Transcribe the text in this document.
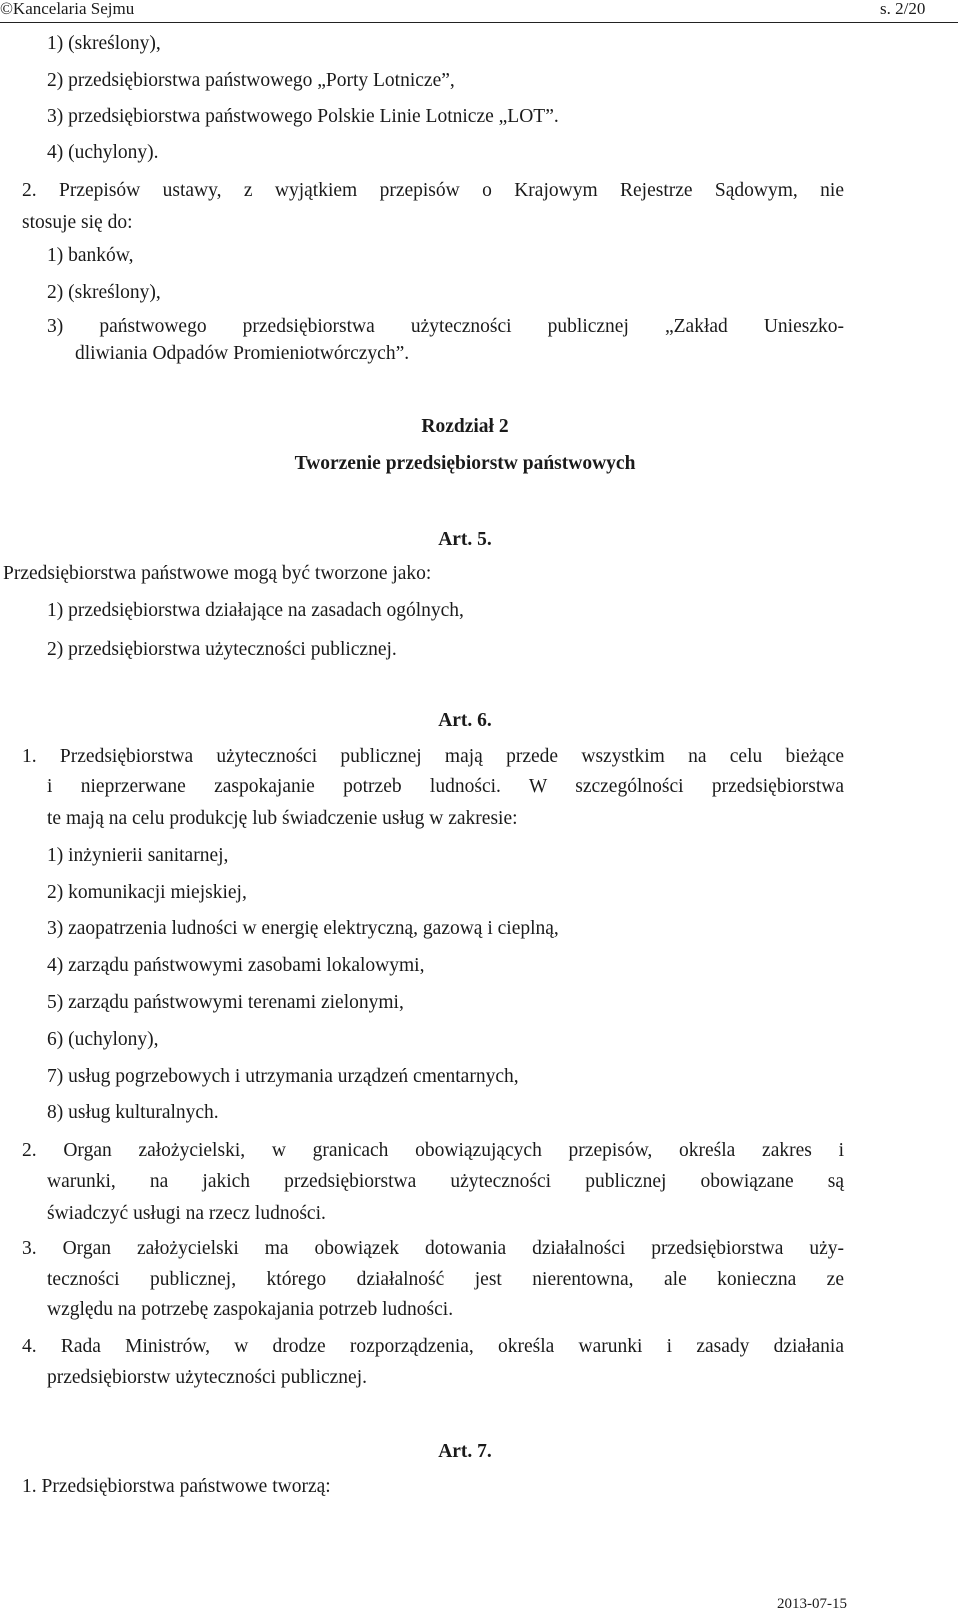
©Kancelaria Sejmu	s. 2/20
1) (skreślony),
2) przedsiębiorstwa państwowego „Porty Lotnicze”,
3) przedsiębiorstwa państwowego Polskie Linie Lotnicze „LOT”.
4) (uchylony).
2. Przepisów ustawy, z wyjątkiem przepisów o Krajowym Rejestrze Sądowym, nie
stosuje się do:
1) banków,
2) (skreślony),
3) państwowego przedsiębiorstwa użyteczności publicznej „Zakład Unieszko-
dliwiania Odpadów Promieniotwórczych”.
Rozdział 2
Tworzenie przedsiębiorstw państwowych
Art. 5.
Przedsiębiorstwa państwowe mogą być tworzone jako:
1) przedsiębiorstwa działające na zasadach ogólnych,
2) przedsiębiorstwa użyteczności publicznej.
Art. 6.
1. Przedsiębiorstwa użyteczności publicznej mają przede wszystkim na celu bieżące
i nieprzerwane zaspokajanie potrzeb ludności. W szczególności przedsiębiorstwa
te mają na celu produkcję lub świadczenie usług w zakresie:
1) inżynierii sanitarnej,
2) komunikacji miejskiej,
3) zaopatrzenia ludności w energię elektryczną, gazową i cieplną,
4) zarządu państwowymi zasobami lokalowymi,
5) zarządu państwowymi terenami zielonymi,
6) (uchylony),
7) usług pogrzebowych i utrzymania urządzeń cmentarnych,
8) usług kulturalnych.
2. Organ założycielski, w granicach obowiązujących przepisów, określa zakres i
warunki, na jakich przedsiębiorstwa użyteczności publicznej obowiązane są
świadczyć usługi na rzecz ludności.
3. Organ założycielski ma obowiązek dotowania działalności przedsiębiorstwa uży-
teczności publicznej, którego działalność jest nierentowna, ale konieczna ze
względu na potrzebę zaspokajania potrzeb ludności.
4. Rada Ministrów, w drodze rozporządzenia, określa warunki i zasady działania
przedsiębiorstw użyteczności publicznej.
Art. 7.
1. Przedsiębiorstwa państwowe tworzą:
2013-07-15
